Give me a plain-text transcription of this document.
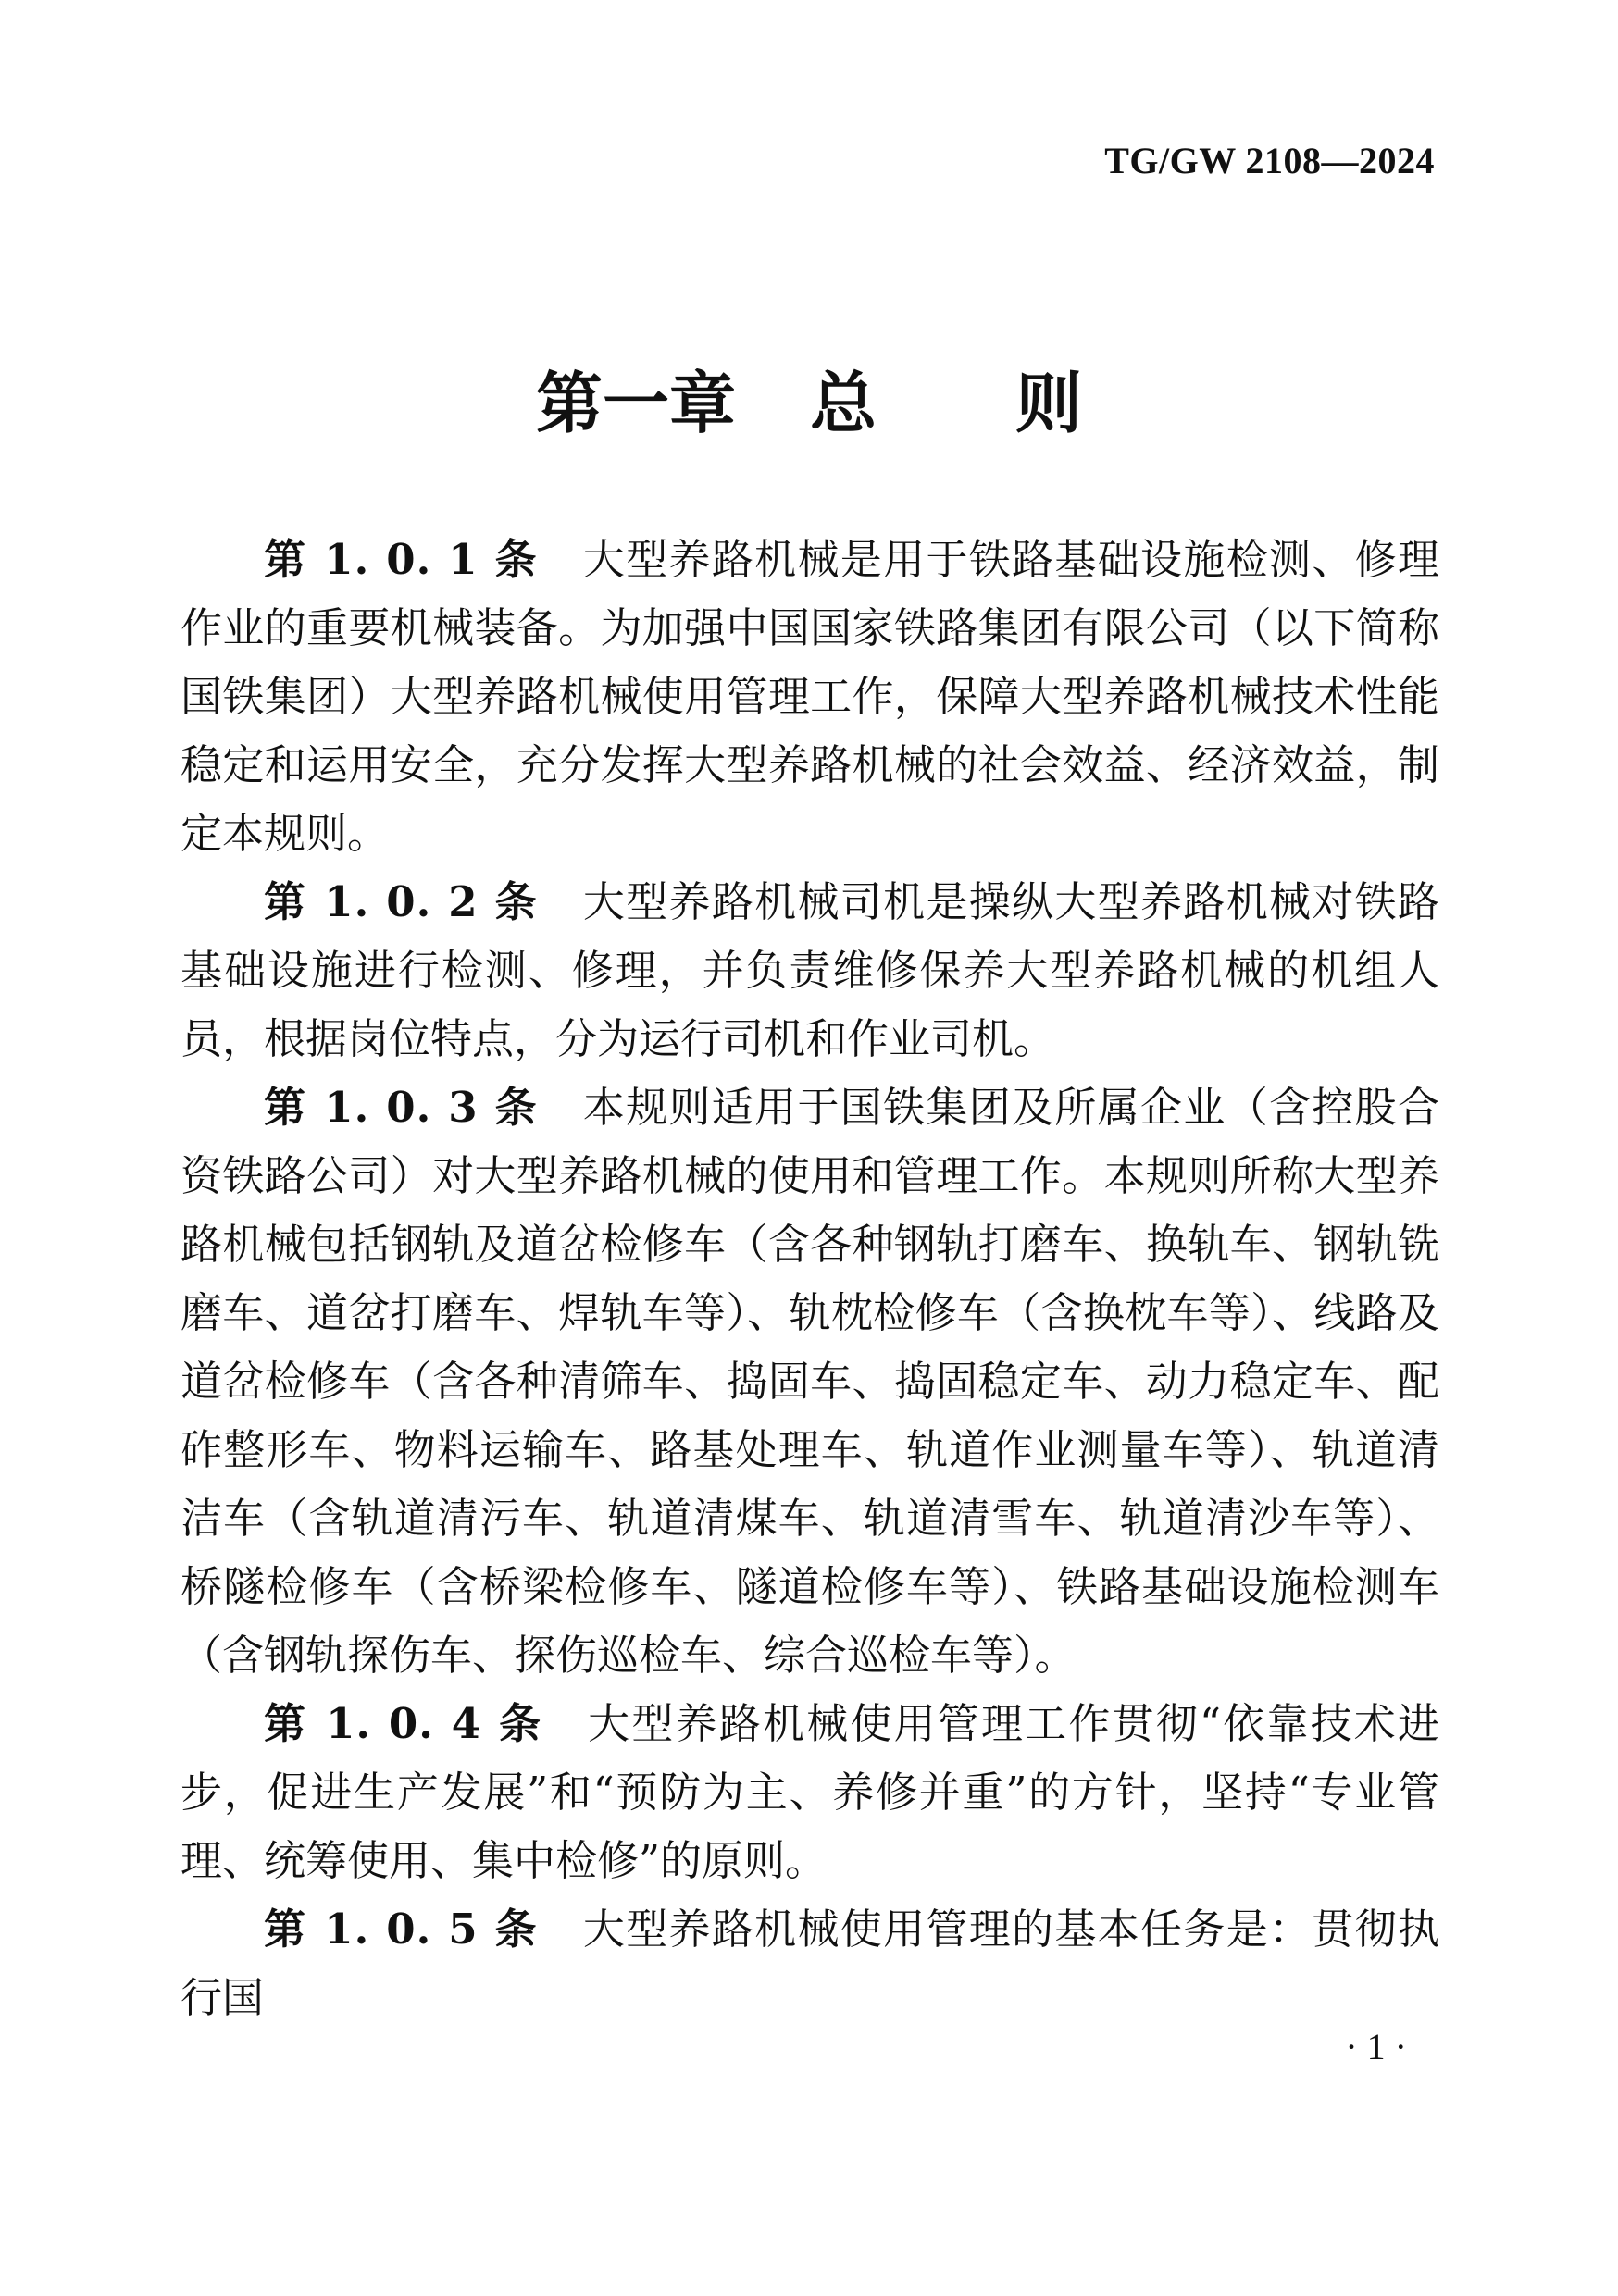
TG/GW 2108—2024
第一章 总 则

第 1. 0. 1 条 大型养路机械是用于铁路基础设施检测、修理作业的重要机械装备。为加强中国国家铁路集团有限公司（以下简称国铁集团）大型养路机械使用管理工作，保障大型养路机械技术性能稳定和运用安全，充分发挥大型养路机械的社会效益、经济效益，制定本规则。

第 1. 0. 2 条 大型养路机械司机是操纵大型养路机械对铁路基础设施进行检测、修理，并负责维修保养大型养路机械的机组人员，根据岗位特点，分为运行司机和作业司机。

第 1. 0. 3 条 本规则适用于国铁集团及所属企业（含控股合资铁路公司）对大型养路机械的使用和管理工作。本规则所称大型养路机械包括钢轨及道岔检修车（含各种钢轨打磨车、换轨车、钢轨铣磨车、道岔打磨车、焊轨车等）、轨枕检修车（含换枕车等）、线路及道岔检修车（含各种清筛车、捣固车、捣固稳定车、动力稳定车、配砟整形车、物料运输车、路基处理车、轨道作业测量车等）、轨道清洁车（含轨道清污车、轨道清煤车、轨道清雪车、轨道清沙车等）、桥隧检修车（含桥梁检修车、隧道检修车等）、铁路基础设施检测车（含钢轨探伤车、探伤巡检车、综合巡检车等）。

第 1. 0. 4 条 大型养路机械使用管理工作贯彻“依靠技术进步，促进生产发展”和“预防为主、养修并重”的方针，坚持“专业管理、统筹使用、集中检修”的原则。

第 1. 0. 5 条 大型养路机械使用管理的基本任务是：贯彻执行国

· 1 ·
